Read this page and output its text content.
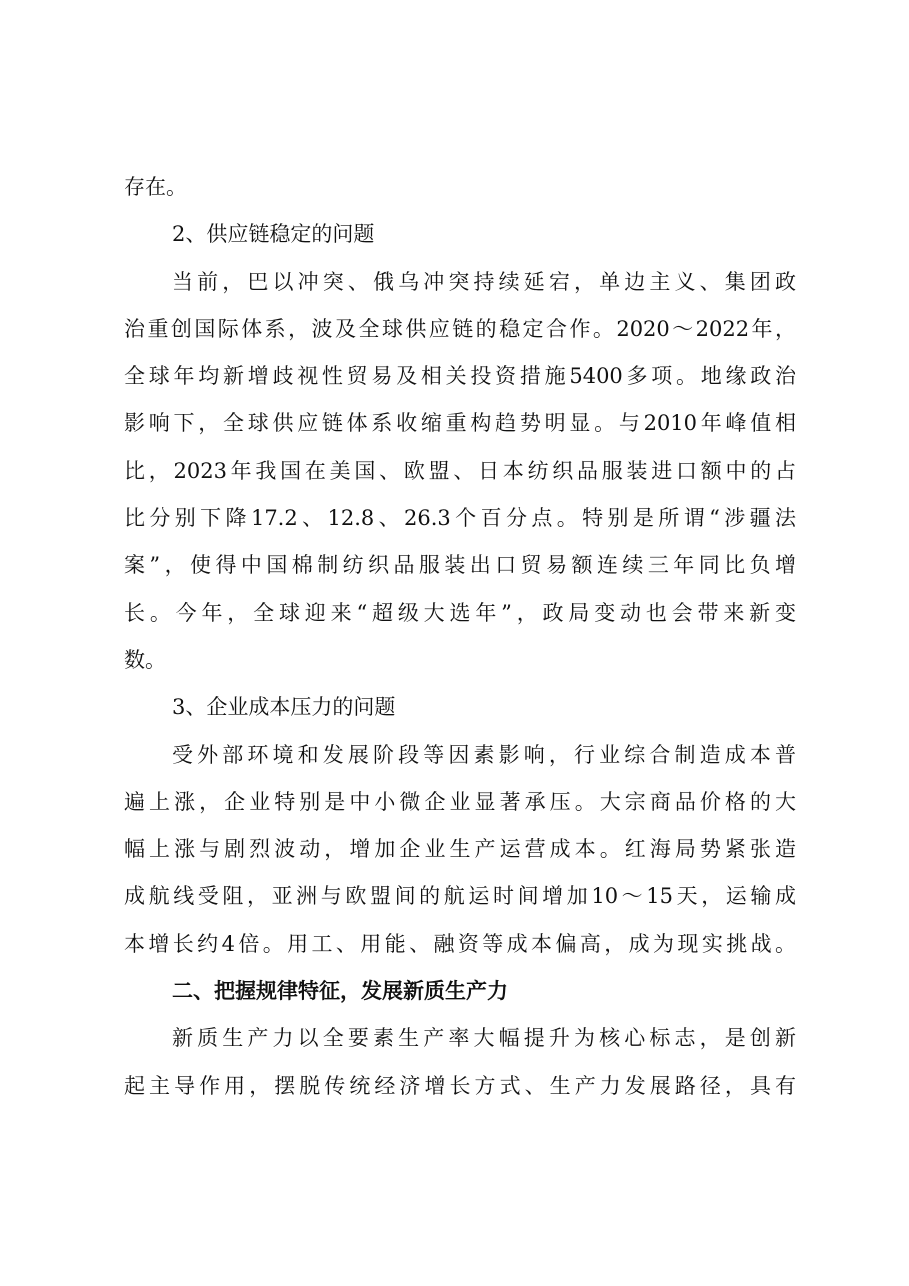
存在。
2、供应链稳定的问题
当前，巴以冲突、俄乌冲突持续延宕，单边主义、集团政
治重创国际体系，波及全球供应链的稳定合作。2020～2022年，
全球年均新增歧视性贸易及相关投资措施5400多项。地缘政治
影响下，全球供应链体系收缩重构趋势明显。与2010年峰值相
比，2023年我国在美国、欧盟、日本纺织品服装进口额中的占
比分别下降17.2、12.8、26.3个百分点。特别是所谓“涉疆法
案”，使得中国棉制纺织品服装出口贸易额连续三年同比负增
长。今年，全球迎来“超级大选年”，政局变动也会带来新变
数。
3、企业成本压力的问题
受外部环境和发展阶段等因素影响，行业综合制造成本普
遍上涨，企业特别是中小微企业显著承压。大宗商品价格的大
幅上涨与剧烈波动，增加企业生产运营成本。红海局势紧张造
成航线受阻，亚洲与欧盟间的航运时间增加10～15天，运输成
本增长约4倍。用工、用能、融资等成本偏高，成为现实挑战。
二、把握规律特征，发展新质生产力
新质生产力以全要素生产率大幅提升为核心标志，是创新
起主导作用，摆脱传统经济增长方式、生产力发展路径，具有
